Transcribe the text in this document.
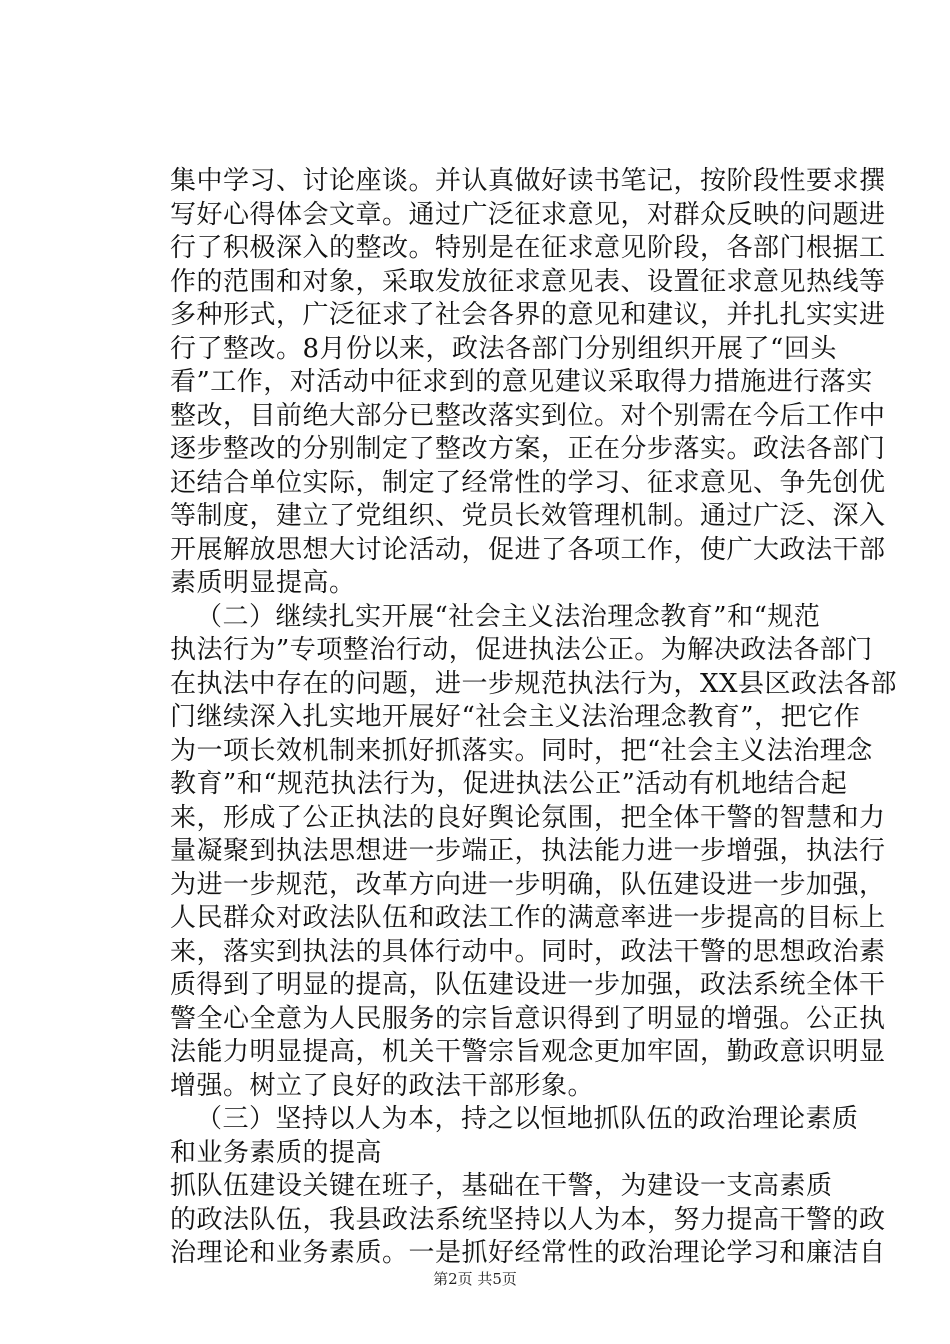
集中学习、讨论座谈。并认真做好读书笔记，按阶段性要求撰
写好心得体会文章。通过广泛征求意见，对群众反映的问题进
行了积极深入的整改。特别是在征求意见阶段，各部门根据工
作的范围和对象，采取发放征求意见表、设置征求意见热线等
多种形式，广泛征求了社会各界的意见和建议，并扎扎实实进
行了整改。8月份以来，政法各部门分别组织开展了“回头
看”工作，对活动中征求到的意见建议采取得力措施进行落实
整改，目前绝大部分已整改落实到位。对个别需在今后工作中
逐步整改的分别制定了整改方案，正在分步落实。政法各部门
还结合单位实际，制定了经常性的学习、征求意见、争先创优
等制度，建立了党组织、党员长效管理机制。通过广泛、深入
开展解放思想大讨论活动，促进了各项工作，使广大政法干部
素质明显提高。
（二）继续扎实开展“社会主义法治理念教育”和“规范
执法行为”专项整治行动，促进执法公正。为解决政法各部门
在执法中存在的问题，进一步规范执法行为，XX县区政法各部
门继续深入扎实地开展好“社会主义法治理念教育”，把它作
为一项长效机制来抓好抓落实。同时，把“社会主义法治理念
教育”和“规范执法行为，促进执法公正”活动有机地结合起
来，形成了公正执法的良好舆论氛围，把全体干警的智慧和力
量凝聚到执法思想进一步端正，执法能力进一步增强，执法行
为进一步规范，改革方向进一步明确，队伍建设进一步加强，
人民群众对政法队伍和政法工作的满意率进一步提高的目标上
来，落实到执法的具体行动中。同时，政法干警的思想政治素
质得到了明显的提高，队伍建设进一步加强，政法系统全体干
警全心全意为人民服务的宗旨意识得到了明显的增强。公正执
法能力明显提高，机关干警宗旨观念更加牢固，勤政意识明显
增强。树立了良好的政法干部形象。
（三）坚持以人为本，持之以恒地抓队伍的政治理论素质
和业务素质的提高
抓队伍建设关键在班子，基础在干警，为建设一支高素质
的政法队伍，我县政法系统坚持以人为本，努力提高干警的政
治理论和业务素质。一是抓好经常性的政治理论学习和廉洁自
第2页 共5页
